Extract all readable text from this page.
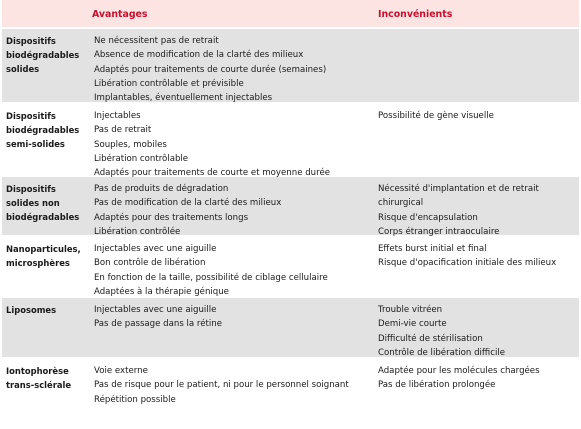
Avantages	Inconvénients
Dispositifs
biodégradables
solides
Ne nécessitent pas de retrait
Absence de modification de la clarté des milieux
Adaptés pour traitements de courte durée (semaines)
Libération contrôlable et prévisible
Implantables, éventuellement injectables
Dispositifs
biodégradables
semi-solides
Injectables
Pas de retrait
Souples, mobiles
Libération contrôlable
Adaptés pour traitements de courte et moyenne durée
Possibilité de gène visuelle
Dispositifs
solides non
biodégradables
Pas de produits de dégradation
Pas de modification de la clarté des milieux
Adaptés pour des traitements longs
Libération contrôlée
Nécessité d'implantation et de retrait
chirurgical
Risque d'encapsulation
Corps étranger intraoculaire
Nanoparticules,
microsphères
Injectables avec une aiguille
Bon contrôle de libération
En fonction de la taille, possibilité de ciblage cellulaire
Adaptées à la thérapie génique
Effets burst initial et final
Risque d'opacification initiale des milieux
Liposomes	Injectables avec une aiguille
Pas de passage dans la rétine
Trouble vitréen
Demi-vie courte
Difficulté de stérilisation
Contrôle de libération difficile
Iontophorèse
trans-sclérale
Voie externe
Pas de risque pour le patient, ni pour le personnel soignant
Répétition possible
Adaptée pour les molécules chargées
Pas de libération prolongée
